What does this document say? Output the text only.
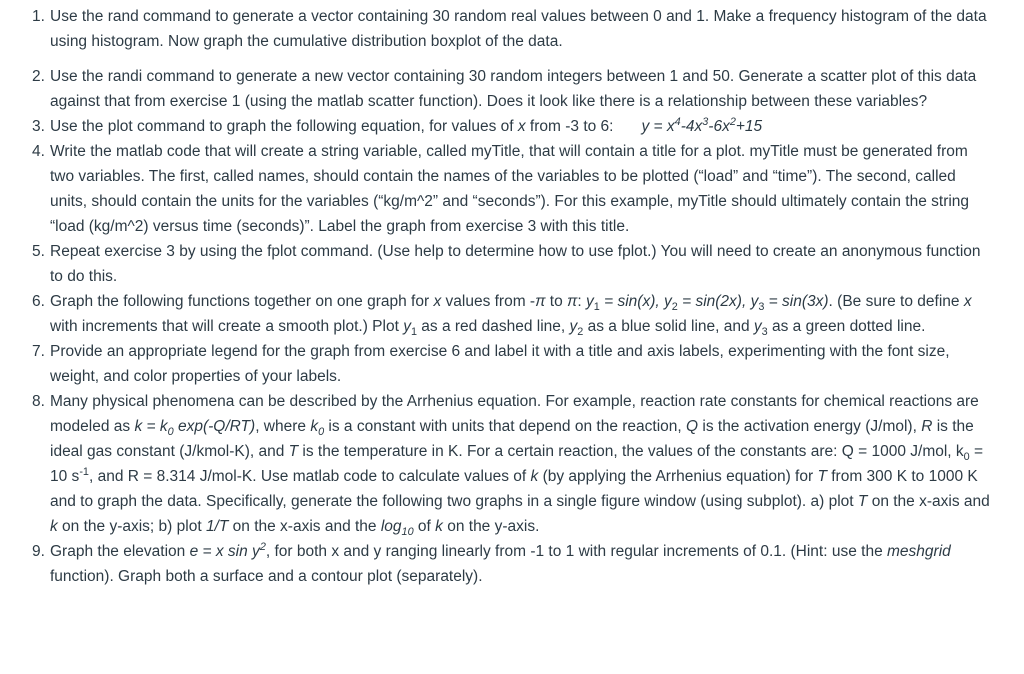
1. Use the rand command to generate a vector containing 30 random real values between 0 and 1. Make a frequency histogram of the data using histogram. Now graph the cumulative distribution boxplot of the data.
2. Use the randi command to generate a new vector containing 30 random integers between 1 and 50. Generate a scatter plot of this data against that from exercise 1 (using the matlab scatter function). Does it look like there is a relationship between these variables?
3. Use the plot command to graph the following equation, for values of x from -3 to 6: $y = x^4-4x^3-6x^2+15$
4. Write the matlab code that will create a string variable, called myTitle, that will contain a title for a plot. myTitle must be generated from two variables. The first, called names, should contain the names of the variables to be plotted (“load” and “time”). The second, called units, should contain the units for the variables (“kg/m^2” and “seconds”). For this example, myTitle should ultimately contain the string “load (kg/m^2) versus time (seconds)”. Label the graph from exercise 3 with this title.
5. Repeat exercise 3 by using the fplot command. (Use help to determine how to use fplot.) You will need to create an anonymous function to do this.
6. Graph the following functions together on one graph for x values from -π to π: $y_1 = \sin(x)$, $y_2 = \sin(2x)$, $y_3 = \sin(3x)$. (Be sure to define x with increments that will create a smooth plot.) Plot $y_1$ as a red dashed line, $y_2$ as a blue solid line, and $y_3$ as a green dotted line.
7. Provide an appropriate legend for the graph from exercise 6 and label it with a title and axis labels, experimenting with the font size, weight, and color properties of your labels.
8. Many physical phenomena can be described by the Arrhenius equation. For example, reaction rate constants for chemical reactions are modeled as $k = k_0$ exp(-Q/RT), where $k_0$ is a constant with units that depend on the reaction, Q is the activation energy (J/mol), R is the ideal gas constant (J/kmol-K), and T is the temperature in K. For a certain reaction, the values of the constants are: Q = 1000 J/mol, $k_0 = 10$ $s^{-1}$, and R = 8.314 J/mol-K. Use matlab code to calculate values of k (by applying the Arrhenius equation) for T from 300 K to 1000 K and to graph the data. Specifically, generate the following two graphs in a single figure window (using subplot). a) plot T on the x-axis and k on the y-axis; b) plot 1/T on the x-axis and the $\log_{10}$ of k on the y-axis.
9. Graph the elevation e = x $\sin y^2$, for both x and y ranging linearly from -1 to 1 with regular increments of 0.1. (Hint: use the meshgrid function). Graph both a surface and a contour plot (separately).
